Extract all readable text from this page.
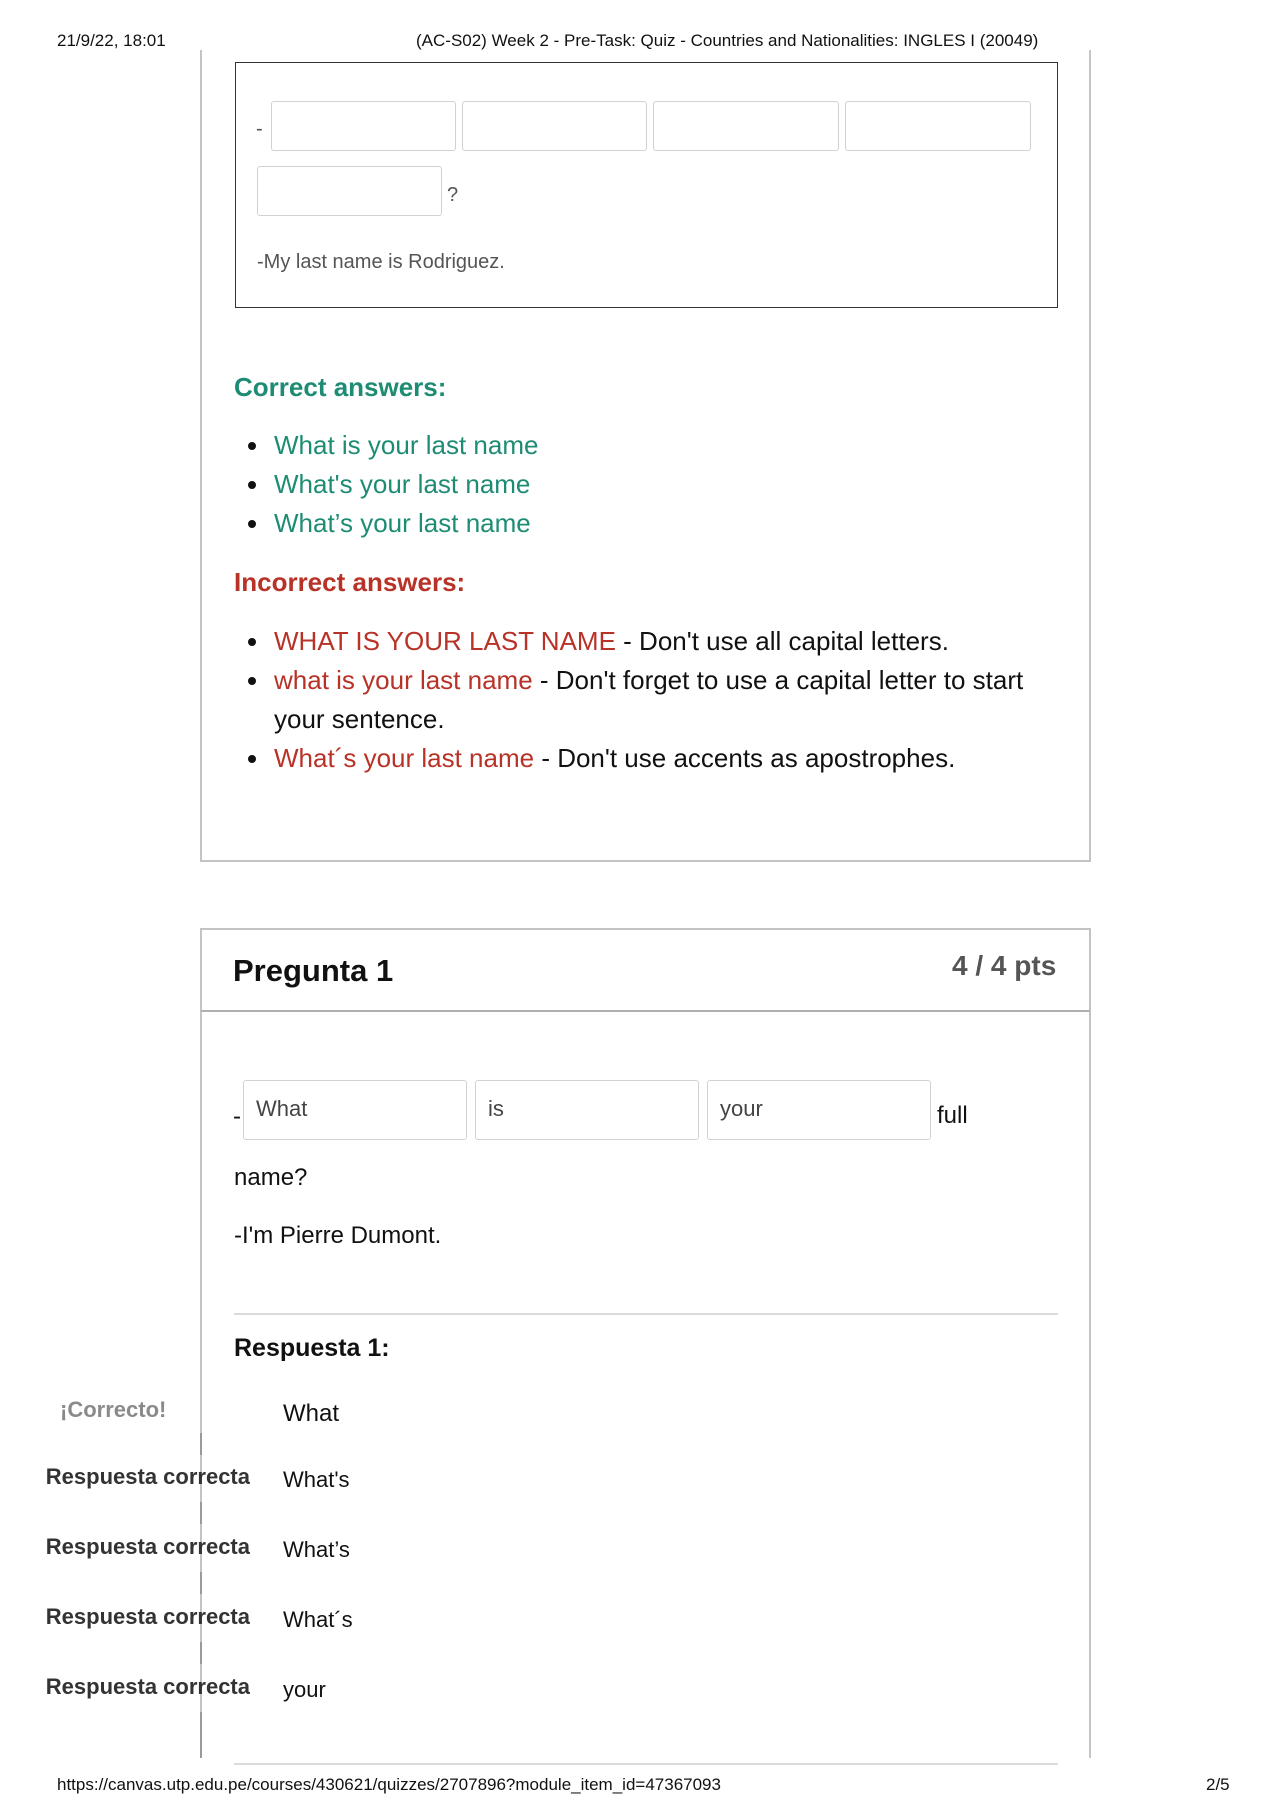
21/9/22, 18:01	(AC-S02) Week 2 - Pre-Task: Quiz - Countries and Nationalities: INGLES I (20049)
-
?
-My last name is Rodriguez.
Correct answers:
What is your last name
What's your last name
What’s your last name
Incorrect answers:
WHAT IS YOUR LAST NAME - Don't use all capital letters.
what is your last name - Don't forget to use a capital letter to start your sentence.
What´s your last name - Don't use accents as apostrophes.
Pregunta 1	4 / 4 pts
- What	is	your	full
name?
-I'm Pierre Dumont.
Respuesta 1:
¡Correcto!	What
Respuesta correcta What's
Respuesta correcta What’s
Respuesta correcta What´s
Respuesta correcta your
https://canvas.utp.edu.pe/courses/430621/quizzes/2707896?module_item_id=47367093	2/5
